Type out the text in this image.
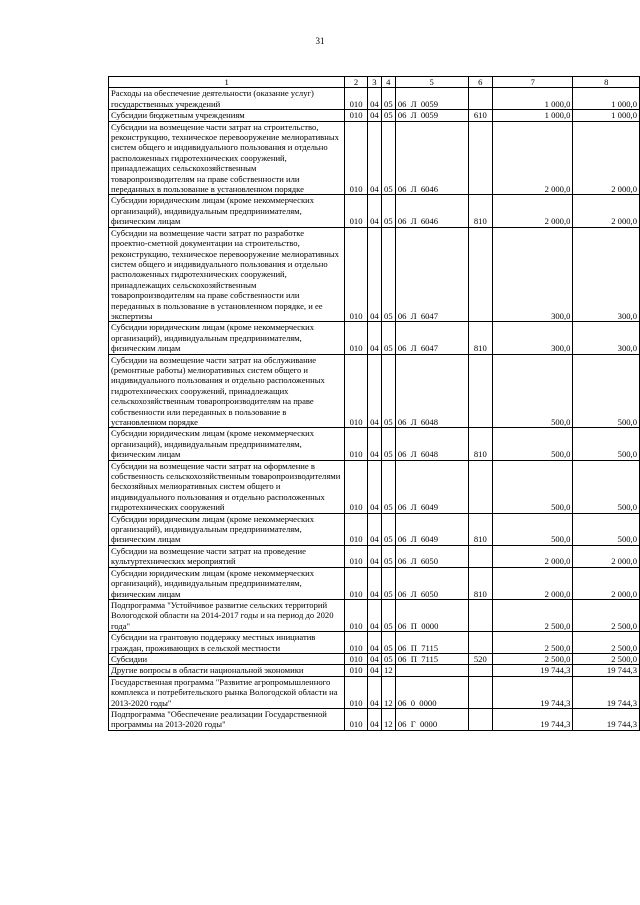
31
1	2	3	4	5	6	7	8
Расходы на обеспечение деятельности (оказание услуг) государственных учреждений	010	04	05	06  Л  0059		1 000,0	1 000,0
Субсидии бюджетным учреждениям	010	04	05	06  Л  0059	610	1 000,0	1 000,0
Субсидии на возмещение части затрат на строительство, реконструкцию, техническое перевооружение мелиоративных систем общего и индивидуального пользования и отдельно расположенных гидротехнических сооружений, принадлежащих сельскохозяйственным товаропроизводителям на праве собственности или переданных в пользование в установленном порядке	010	04	05	06  Л  6046		2 000,0	2 000,0
Субсидии юридическим лицам (кроме некоммерческих организаций), индивидуальным предпринимателям, физическим лицам	010	04	05	06  Л  6046	810	2 000,0	2 000,0
Субсидии на возмещение части затрат по разработке проектно-сметной документации на строительство, реконструкцию, техническое перевооружение мелиоративных систем общего и индивидуального пользования и отдельно расположенных гидротехнических сооружений, принадлежащих сельскохозяйственным товаропроизводителям на праве собственности или переданных в пользование в установленном порядке, и ее экспертизы	010	04	05	06  Л  6047		300,0	300,0
Субсидии юридическим лицам (кроме некоммерческих организаций), индивидуальным предпринимателям, физическим лицам	010	04	05	06  Л  6047	810	300,0	300,0
Субсидии на возмещение части затрат на обслуживание (ремонтные работы) мелиоративных систем общего и индивидуального пользования и отдельно расположенных гидротехнических сооружений, принадлежащих сельскохозяйственным товаропроизводителям на праве собственности или переданных в пользование в установленном порядке	010	04	05	06  Л  6048		500,0	500,0
Субсидии юридическим лицам (кроме некоммерческих организаций), индивидуальным предпринимателям, физическим лицам	010	04	05	06  Л  6048	810	500,0	500,0
Субсидии на возмещение части затрат на оформление в собственность сельскохозяйственным товаропроизводителями бесхозяйных мелиоративных систем общего и индивидуального пользования и отдельно расположенных гидротехнических сооружений	010	04	05	06  Л  6049		500,0	500,0
Субсидии юридическим лицам (кроме некоммерческих организаций), индивидуальным предпринимателям, физическим лицам	010	04	05	06  Л  6049	810	500,0	500,0
Субсидии на возмещение части затрат на проведение культуртехнических мероприятий	010	04	05	06  Л  6050		2 000,0	2 000,0
Субсидии юридическим лицам (кроме некоммерческих организаций), индивидуальным предпринимателям, физическим лицам	010	04	05	06  Л  6050	810	2 000,0	2 000,0
Подпрограмма "Устойчивое развитие сельских территорий Вологодской области на 2014-2017 годы и на период до 2020 года"	010	04	05	06  П  0000		2 500,0	2 500,0
Субсидии на грантовую поддержку местных инициатив граждан, проживающих в сельской местности	010	04	05	06  П  7115		2 500,0	2 500,0
Субсидии	010	04	05	06  П  7115	520	2 500,0	2 500,0
Другие вопросы в области национальной экономики	010	04	12			19 744,3	19 744,3
Государственная программа "Развитие агропромышленного комплекса и потребительского рынка Вологодской области на 2013-2020 годы"	010	04	12	06  0  0000		19 744,3	19 744,3
Подпрограмма "Обеспечение реализации Государственной программы на 2013-2020 годы"	010	04	12	06  Г  0000		19 744,3	19 744,3
